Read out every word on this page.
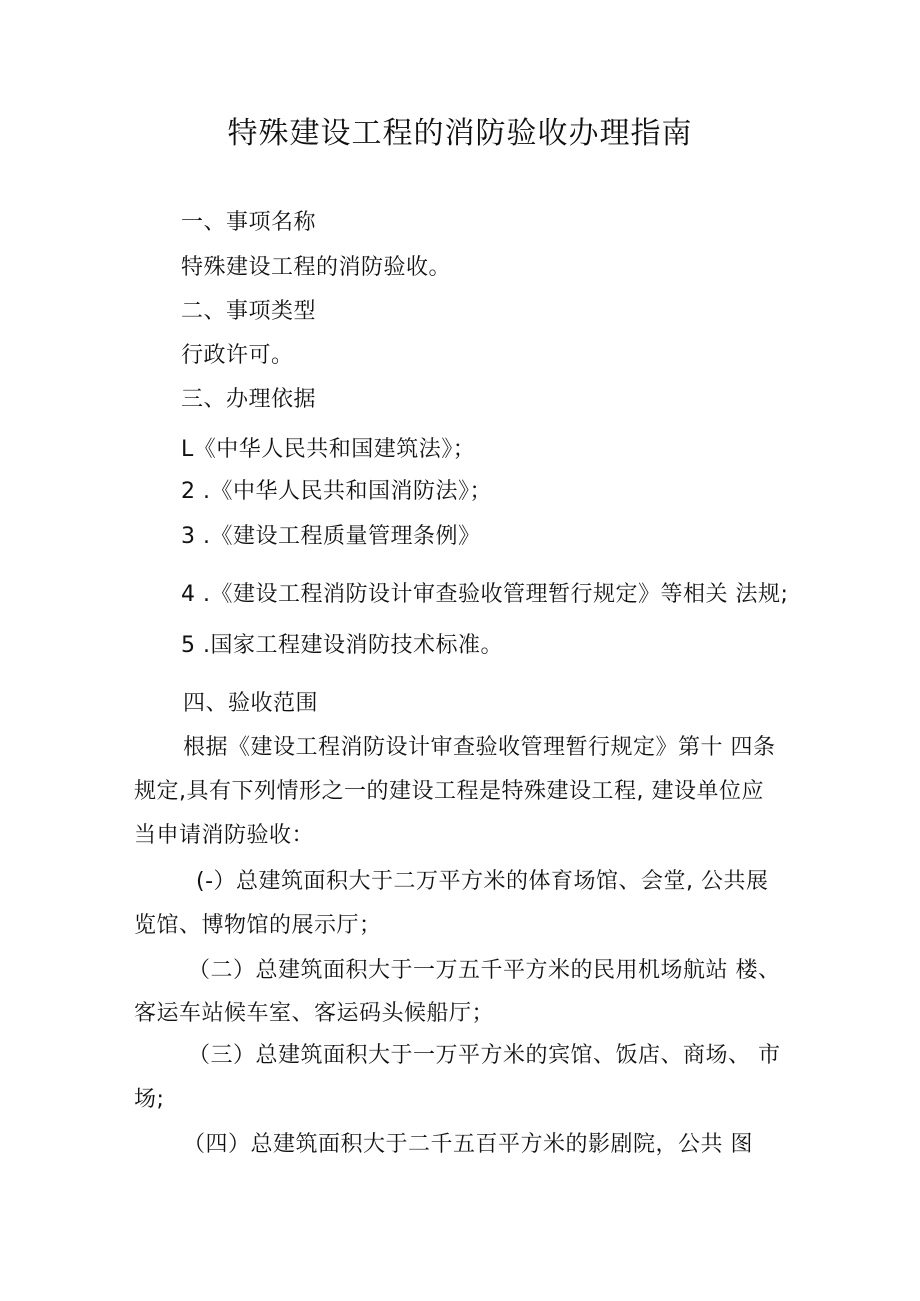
特殊建设工程的消防验收办理指南
一、事项名称
特殊建设工程的消防验收。
二、事项类型
行政许可。
三、办理依据
L《中华人民共和国建筑法》；
2 .《中华人民共和国消防法》；
3 .《建设工程质量管理条例》
4 .《建设工程消防设计审查验收管理暂行规定》等相关 法规;
5 .国家工程建设消防技术标准。
四、验收范围
根据《建设工程消防设计审查验收管理暂行规定》第十 四条
规定,具有下列情形之一的建设工程是特殊建设工程, 建设单位应
当申请消防验收：
(-）总建筑面积大于二万平方米的体育场馆、会堂, 公共展
览馆、博物馆的展示厅；
（二）总建筑面积大于一万五千平方米的民用机场航站 楼、
客运车站候车室、客运码头候船厅；
（三）总建筑面积大于一万平方米的宾馆、饭店、商场、 市
场;
（四）总建筑面积大于二千五百平方米的影剧院，公共 图
